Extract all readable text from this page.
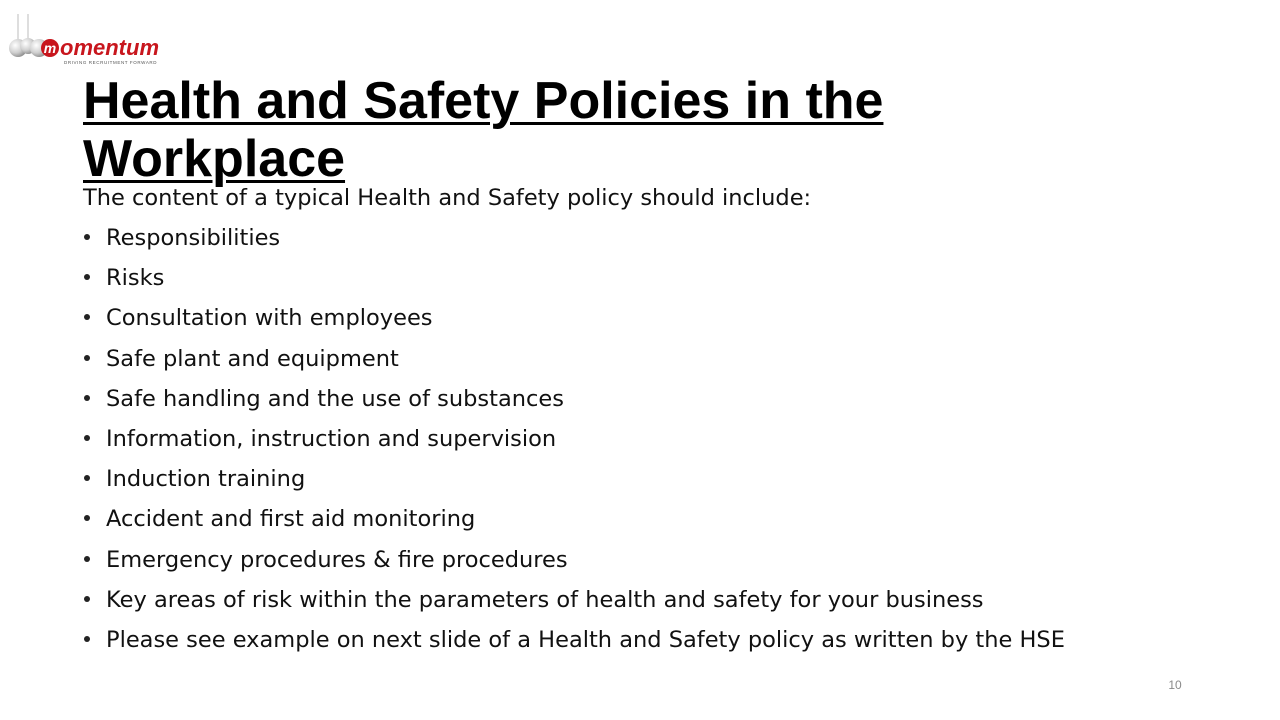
m omentum
DRIVING RECRUITMENT FORWARD
Health and Safety Policies in the Workplace

The content of a typical Health and Safety policy should include:

Responsibilities
Risks
Consultation with employees
Safe plant and equipment
Safe handling and the use of substances
Information, instruction and supervision
Induction training
Accident and first aid monitoring
Emergency procedures & fire procedures
Key areas of risk within the parameters of health and safety for your business
Please see example on next slide of a Health and Safety policy as written by the HSE
10
